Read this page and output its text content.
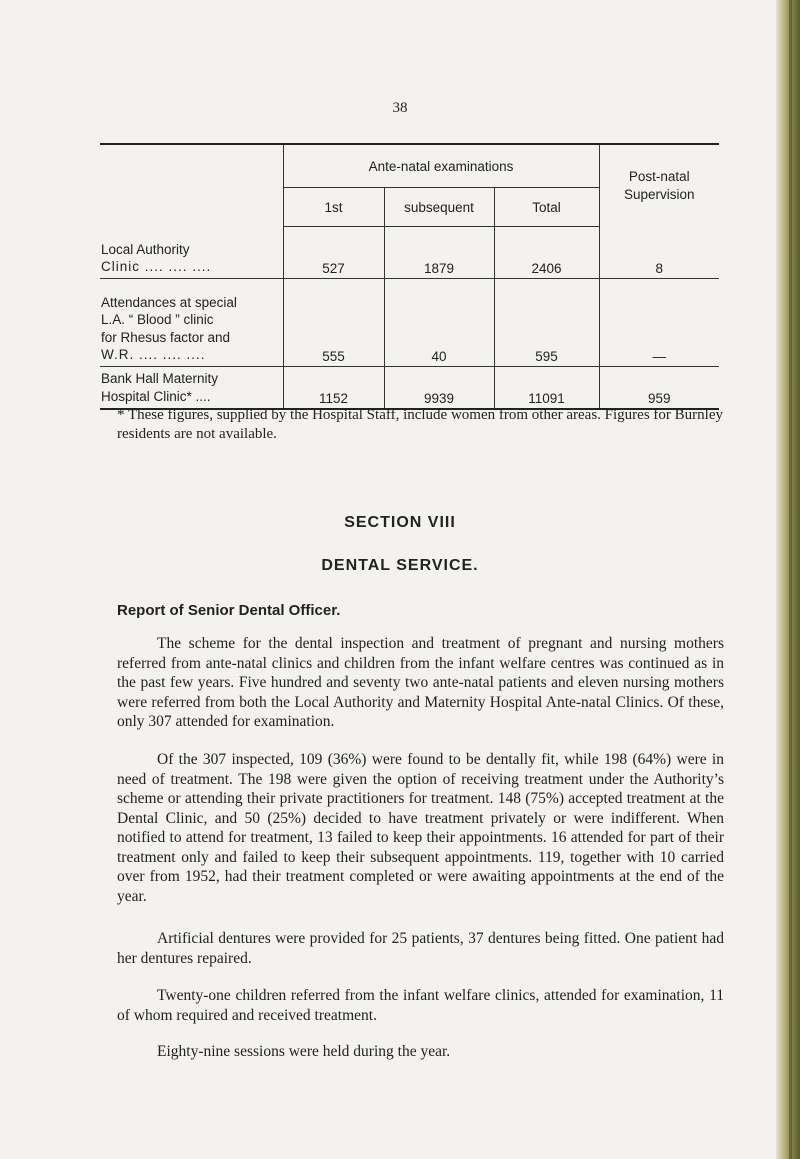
38
	Ante-natal examinations			Post-natal
Supervision
	1st	subsequent	Total	
Local Authority
Clinic .... .... ....	527	1879	2406	8
Attendances at special
L.A. “ Blood ” clinic
for Rhesus factor and
W.R. .... .... ....	555	40	595	—
Bank Hall Maternity
Hospital Clinic* ....	1152	9939	11091	959
* These figures, supplied by the Hospital Staff, include women from other areas. Figures for Burnley residents are not available.
SECTION VIII
DENTAL SERVICE.
Report of Senior Dental Officer.

The scheme for the dental inspection and treatment of pregnant and nursing mothers referred from ante-natal clinics and children from the infant welfare centres was continued as in the past few years. Five hundred and seventy two ante-natal patients and eleven nursing mothers were referred from both the Local Authority and Maternity Hospital Ante-natal Clinics. Of these, only 307 attended for examination.

Of the 307 inspected, 109 (36%) were found to be dentally fit, while 198 (64%) were in need of treatment. The 198 were given the option of receiving treatment under the Authority’s scheme or attending their private practitioners for treatment. 148 (75%) accepted treatment at the Dental Clinic, and 50 (25%) decided to have treatment privately or were indifferent. When notified to attend for treatment, 13 failed to keep their appointments. 16 attended for part of their treatment only and failed to keep their subsequent appointments. 119, together with 10 carried over from 1952, had their treatment completed or were awaiting appointments at the end of the year.

Artificial dentures were provided for 25 patients, 37 dentures being fitted. One patient had her dentures repaired.

Twenty-one children referred from the infant welfare clinics, attended for examination, 11 of whom required and received treatment.

Eighty-nine sessions were held during the year.
